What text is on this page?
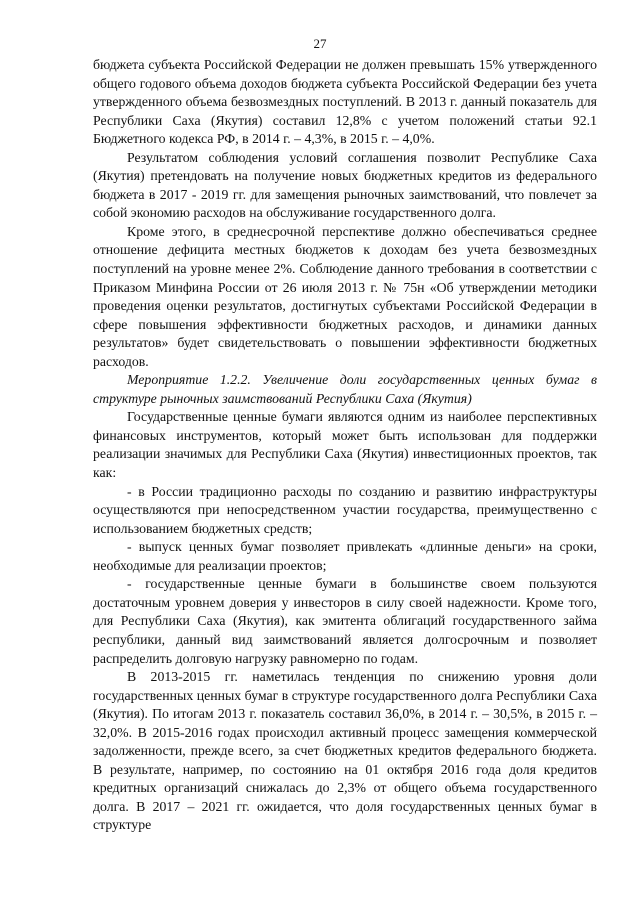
27

бюджета субъекта Российской Федерации не должен превышать 15% утвержденного общего годового объема доходов бюджета субъекта Российской Федерации без учета утвержденного объема безвозмездных поступлений. В 2013 г. данный показатель для Республики Саха (Якутия) составил 12,8% с учетом положений статьи 92.1 Бюджетного кодекса РФ, в 2014 г. – 4,3%, в 2015 г. – 4,0%.

Результатом соблюдения условий соглашения позволит Республике Саха (Якутия) претендовать на получение новых бюджетных кредитов из федерального бюджета в 2017 - 2019 гг. для замещения рыночных заимствований, что повлечет за собой экономию расходов на обслуживание государственного долга.

Кроме этого, в среднесрочной перспективе должно обеспечиваться среднее отношение дефицита местных бюджетов к доходам без учета безвозмездных поступлений на уровне менее 2%. Соблюдение данного требования в соответствии с Приказом Минфина России от 26 июля 2013 г. № 75н «Об утверждении методики проведения оценки результатов, достигнутых субъектами Российской Федерации в сфере повышения эффективности бюджетных расходов, и динамики данных результатов» будет свидетельствовать о повышении эффективности бюджетных расходов.

Мероприятие 1.2.2. Увеличение доли государственных ценных бумаг в структуре рыночных заимствований Республики Саха (Якутия)

Государственные ценные бумаги являются одним из наиболее перспективных финансовых инструментов, который может быть использован для поддержки реализации значимых для Республики Саха (Якутия) инвестиционных проектов, так как:

- в России традиционно расходы по созданию и развитию инфраструктуры осуществляются при непосредственном участии государства, преимущественно с использованием бюджетных средств;

- выпуск ценных бумаг позволяет привлекать «длинные деньги» на сроки, необходимые для реализации проектов;

- государственные ценные бумаги в большинстве своем пользуются достаточным уровнем доверия у инвесторов в силу своей надежности. Кроме того, для Республики Саха (Якутия), как эмитента облигаций государственного займа республики, данный вид заимствований является долгосрочным и позволяет распределить долговую нагрузку равномерно по годам.

В 2013-2015 гг. наметилась тенденция по снижению уровня доли государственных ценных бумаг в структуре государственного долга Республики Саха (Якутия). По итогам 2013 г. показатель составил 36,0%, в 2014 г. – 30,5%, в 2015 г. – 32,0%. В 2015-2016 годах происходил активный процесс замещения коммерческой задолженности, прежде всего, за счет бюджетных кредитов федерального бюджета. В результате, например, по состоянию на 01 октября 2016 года доля кредитов кредитных организаций снижалась до 2,3% от общего объема государственного долга. В 2017 – 2021 гг. ожидается, что доля государственных ценных бумаг в структуре
